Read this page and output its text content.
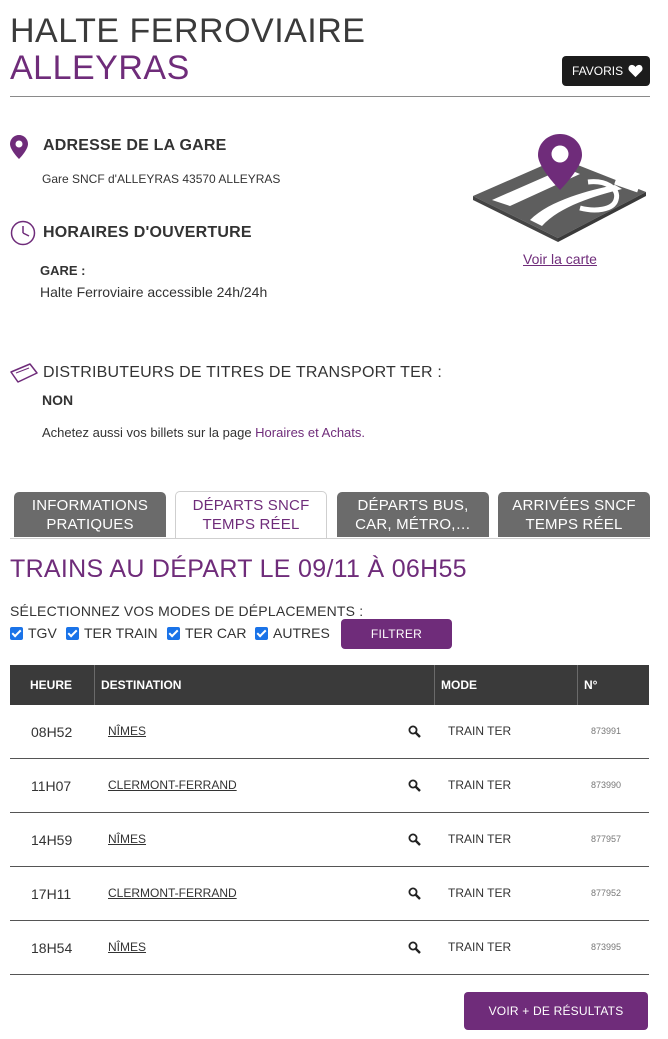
HALTE FERROVIAIRE
ALLEYRAS	FAVORIS
ADRESSE DE LA GARE
Gare SNCF d'ALLEYRAS 43570 ALLEYRAS
HORAIRES D'OUVERTURE
GARE :
Halte Ferroviaire accessible 24h/24h
Voir la carte
DISTRIBUTEURS DE TITRES DE TRANSPORT TER :
NON
Achetez aussi vos billets sur la page Horaires et Achats.
INFORMATIONS PRATIQUES
DÉPARTS SNCF TEMPS RÉEL
DÉPARTS BUS, CAR, MÉTRO,…
ARRIVÉES SNCF TEMPS RÉEL
TRAINS AU DÉPART LE 09/11 À 06H55
SÉLECTIONNEZ VOS MODES DE DÉPLACEMENTS :
TGV TER TRAIN TER CAR AUTRES	FILTRER
HEURE DESTINATION	MODE	N°
08H52	NÎMES	TRAIN TER	873991
11H07	CLERMONT-FERRAND	TRAIN TER	873990
14H59	NÎMES	TRAIN TER	877957
17H11	CLERMONT-FERRAND	TRAIN TER	877952
18H54	NÎMES	TRAIN TER	873995
VOIR + DE RÉSULTATS
